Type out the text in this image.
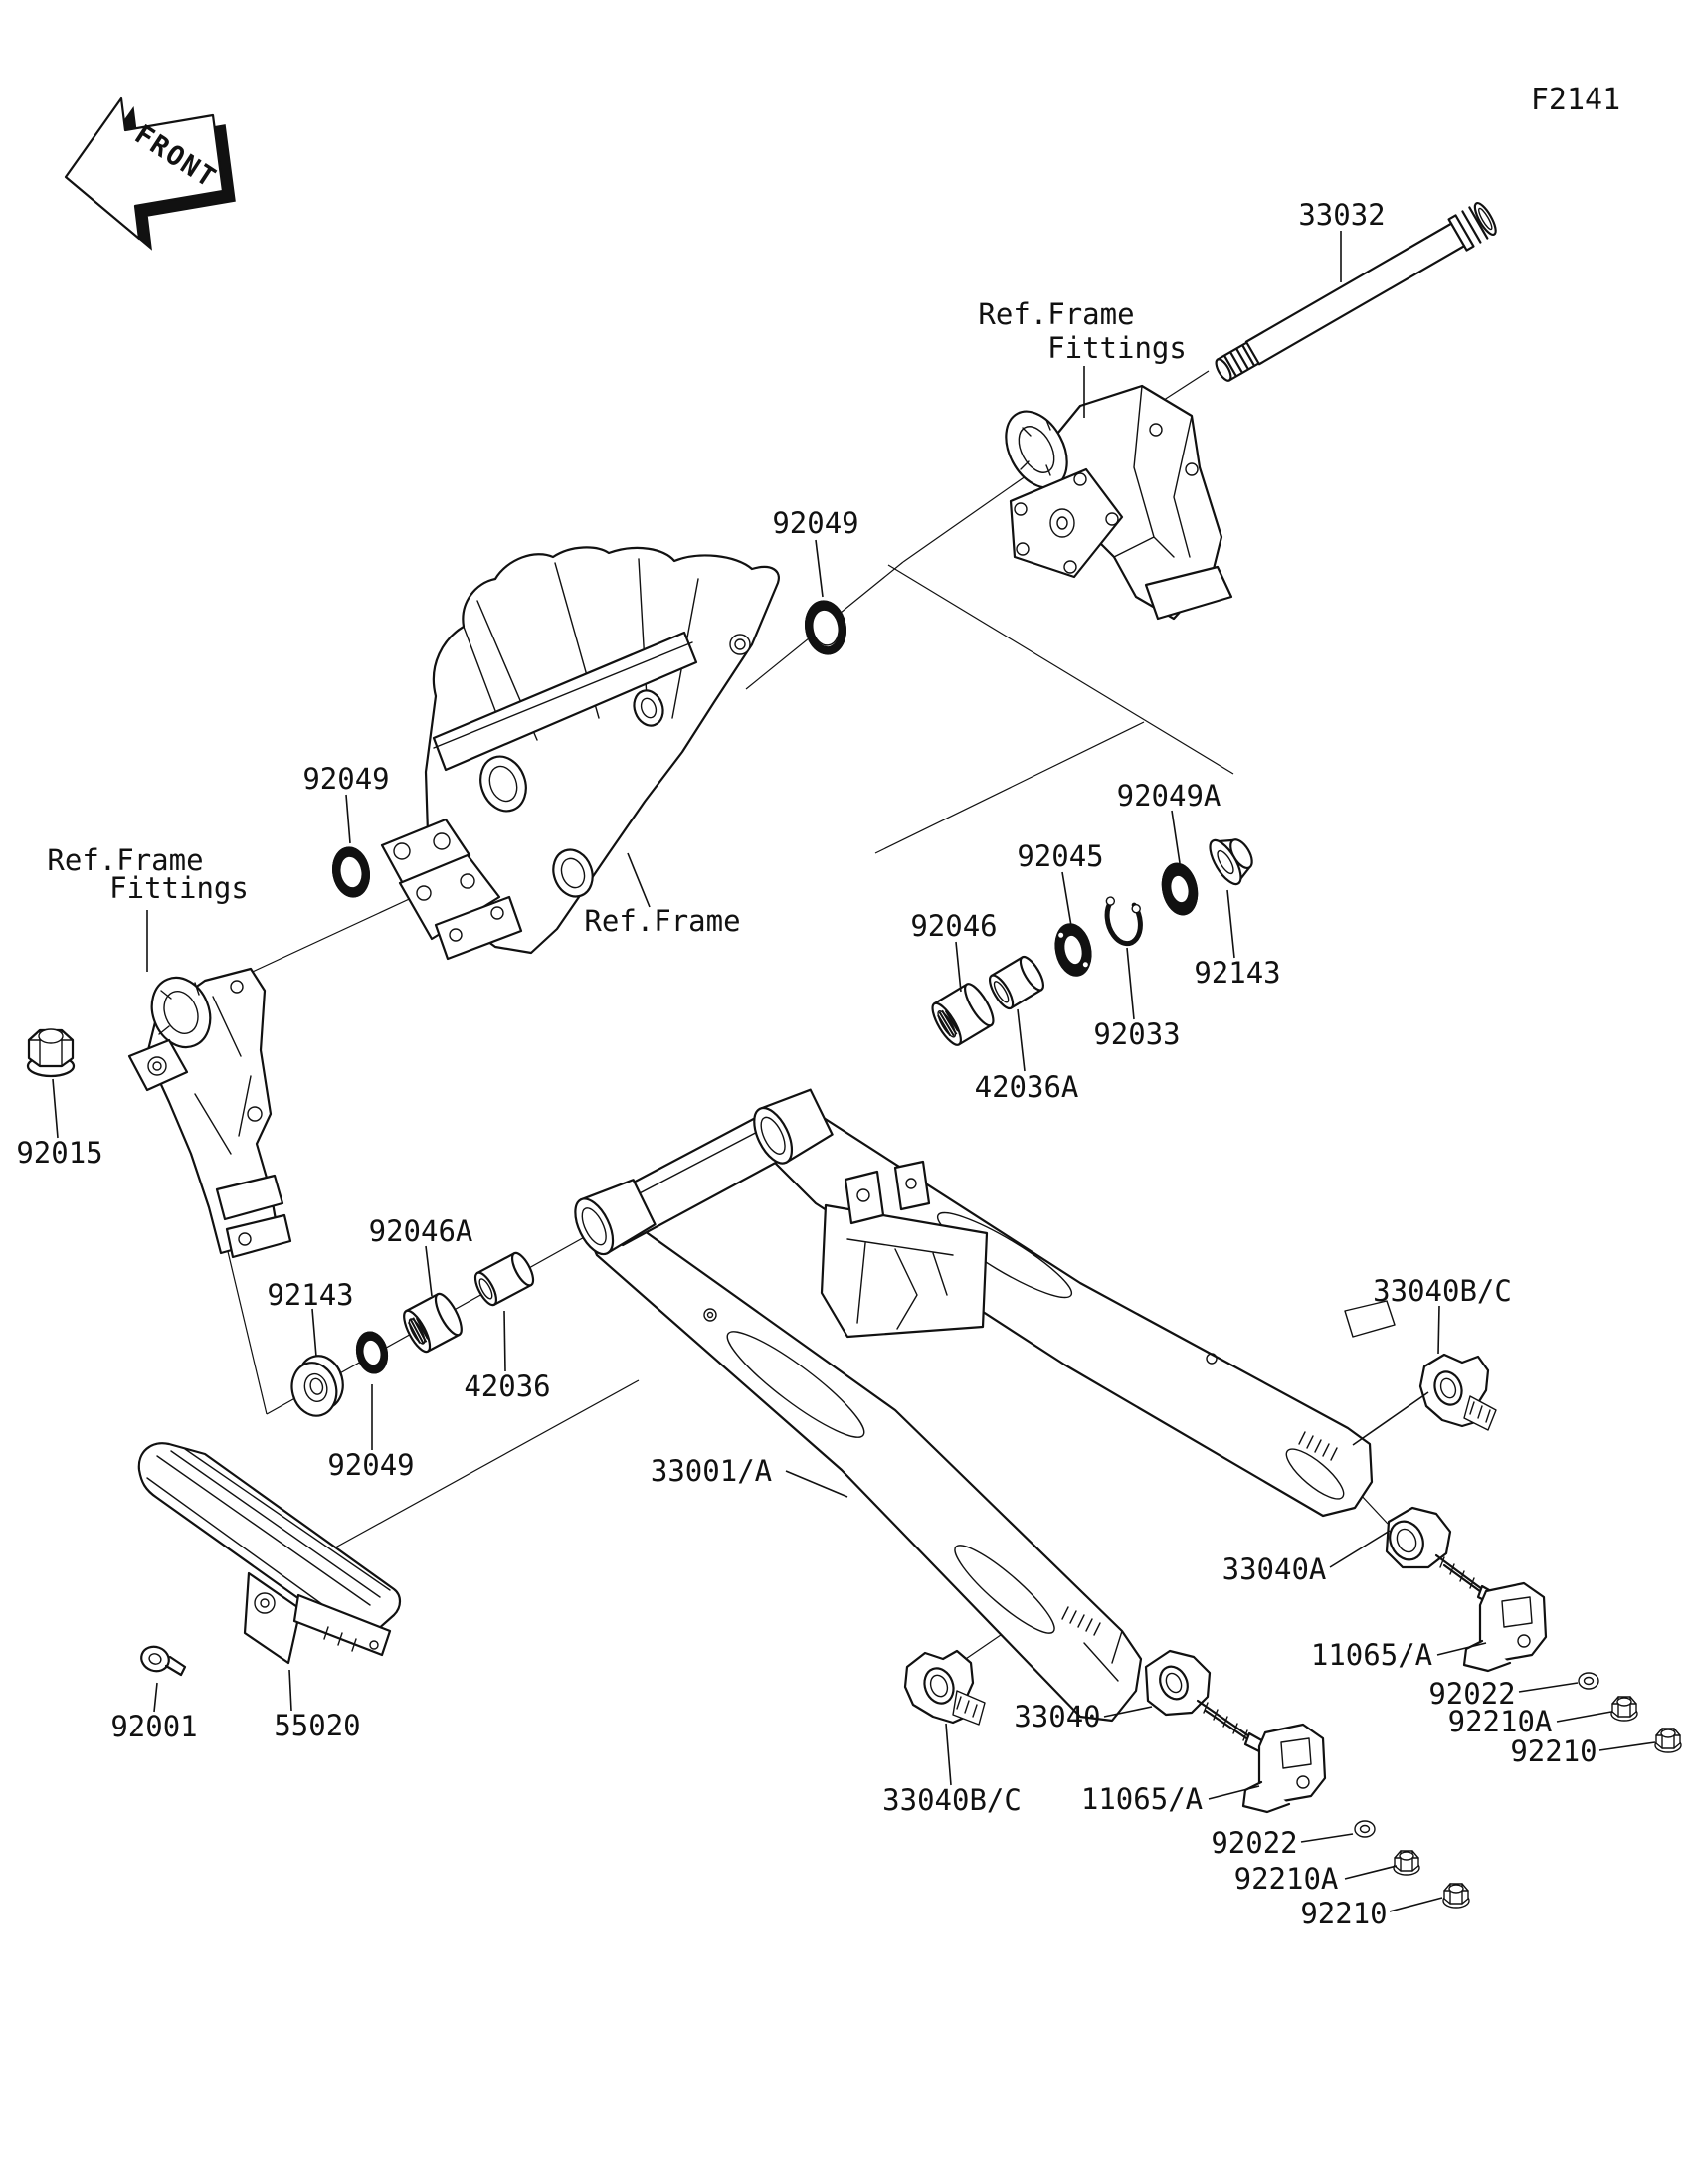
FRONT
F2141
33032
Ref.Frame
Fittings
92049
92049
Ref.Frame
Fittings
Ref.Frame
92015
92049A
92045
92046
92033
42036A
92143
92046A
42036
92143
92049	33001/A
33040B/C
33040A
11065/A
92022
92210A
92210
33040
33040B/C 11065/A
92022
92210A
92210
92001	55020
